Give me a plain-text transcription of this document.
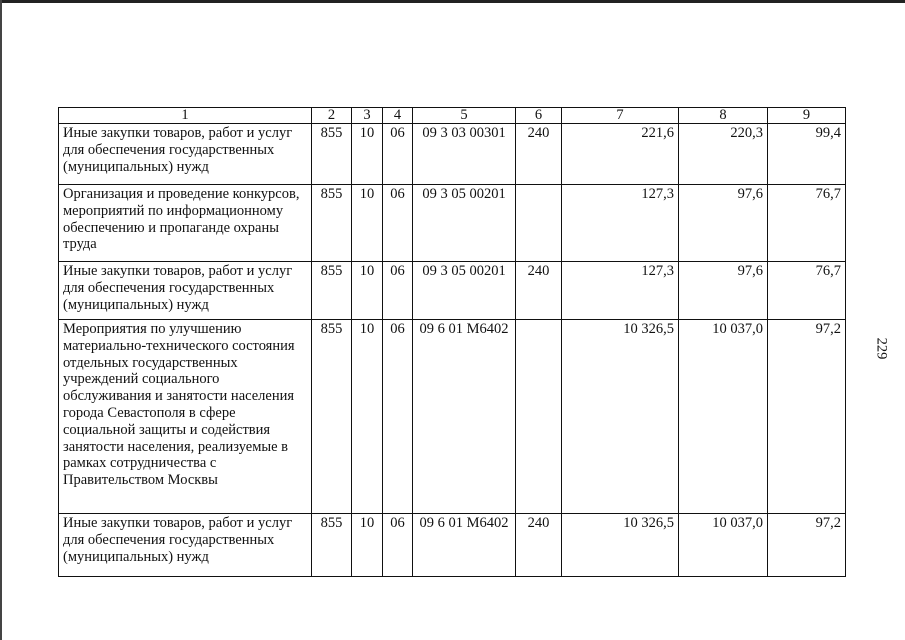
1	2	3	4	5	6	7	8	9
Иные закупки товаров, работ и услуг для обеспечения государственных (муниципальных) нужд	855	10	06	09 3 03 00301	240	221,6	220,3	99,4
Организация и проведение конкурсов, мероприятий по информационному обеспечению и пропаганде охраны труда	855	10	06	09 3 05 00201		127,3	97,6	76,7
Иные закупки товаров, работ и услуг для обеспечения государственных (муниципальных) нужд	855	10	06	09 3 05 00201	240	127,3	97,6	76,7
Мероприятия по улучшению материально-технического состояния отдельных государственных учреждений социального обслуживания и занятости населения города Севастополя в сфере социальной защиты и содействия занятости населения, реализуемые в рамках сотрудничества с Правительством Москвы	855	10	06	09 6 01 М6402		10 326,5	10 037,0	97,2
Иные закупки товаров, работ и услуг для обеспечения государственных (муниципальных) нужд	855	10	06	09 6 01 М6402	240	10 326,5	10 037,0	97,2
229
